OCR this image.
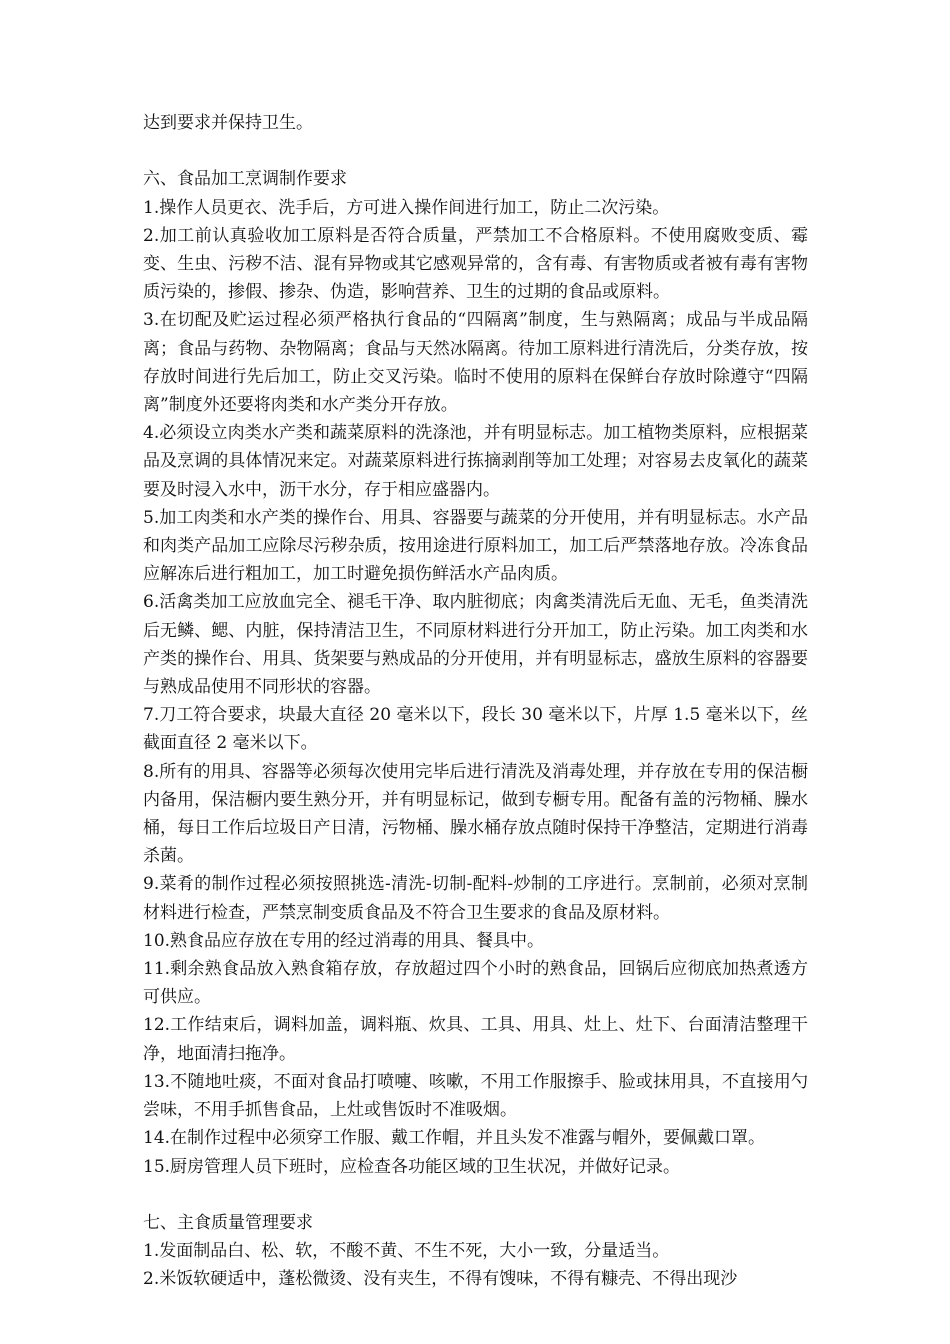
达到要求并保持卫生。

六、食品加工烹调制作要求

1.操作人员更衣、洗手后，方可进入操作间进行加工，防止二次污染。

2.加工前认真验收加工原料是否符合质量，严禁加工不合格原料。不使用腐败变质、霉变、生虫、污秽不洁、混有异物或其它感观异常的，含有毒、有害物质或者被有毒有害物质污染的，掺假、掺杂、伪造，影响营养、卫生的过期的食品或原料。

3.在切配及贮运过程必须严格执行食品的“四隔离”制度，生与熟隔离；成品与半成品隔离；食品与药物、杂物隔离；食品与天然冰隔离。待加工原料进行清洗后，分类存放，按存放时间进行先后加工，防止交叉污染。临时不使用的原料在保鲜台存放时除遵守“四隔离”制度外还要将肉类和水产类分开存放。

4.必须设立肉类水产类和蔬菜原料的洗涤池，并有明显标志。加工植物类原料，应根据菜品及烹调的具体情况来定。对蔬菜原料进行拣摘剥削等加工处理；对容易去皮氧化的蔬菜要及时浸入水中，沥干水分，存于相应盛器内。

5.加工肉类和水产类的操作台、用具、容器要与蔬菜的分开使用，并有明显标志。水产品和肉类产品加工应除尽污秽杂质，按用途进行原料加工，加工后严禁落地存放。冷冻食品应解冻后进行粗加工，加工时避免损伤鲜活水产品肉质。

6.活禽类加工应放血完全、褪毛干净、取内脏彻底；肉禽类清洗后无血、无毛，鱼类清洗后无鳞、鳃、内脏，保持清洁卫生，不同原材料进行分开加工，防止污染。加工肉类和水产类的操作台、用具、货架要与熟成品的分开使用，并有明显标志，盛放生原料的容器要与熟成品使用不同形状的容器。

7.刀工符合要求，块最大直径 20 毫米以下，段长 30 毫米以下，片厚 1.5 毫米以下，丝截面直径 2 毫米以下。

8.所有的用具、容器等必须每次使用完毕后进行清洗及消毒处理，并存放在专用的保洁橱内备用，保洁橱内要生熟分开，并有明显标记，做到专橱专用。配备有盖的污物桶、臊水桶，每日工作后垃圾日产日清，污物桶、臊水桶存放点随时保持干净整洁，定期进行消毒杀菌。

9.菜肴的制作过程必须按照挑选-清洗-切制-配料-炒制的工序进行。烹制前，必须对烹制材料进行检查，严禁烹制变质食品及不符合卫生要求的食品及原材料。

10.熟食品应存放在专用的经过消毒的用具、餐具中。

11.剩余熟食品放入熟食箱存放，存放超过四个小时的熟食品，回锅后应彻底加热煮透方可供应。

12.工作结束后，调料加盖，调料瓶、炊具、工具、用具、灶上、灶下、台面清洁整理干净，地面清扫拖净。

13.不随地吐痰，不面对食品打喷嚏、咳嗽，不用工作服擦手、脸或抹用具，不直接用勺尝味，不用手抓售食品，上灶或售饭时不准吸烟。

14.在制作过程中必须穿工作服、戴工作帽，并且头发不准露与帽外，要佩戴口罩。

15.厨房管理人员下班时，应检查各功能区域的卫生状况，并做好记录。

七、主食质量管理要求

1.发面制品白、松、软，不酸不黄、不生不死，大小一致，分量适当。

2.米饭软硬适中，蓬松微烫、没有夹生，不得有馊味，不得有糠壳、不得出现沙
